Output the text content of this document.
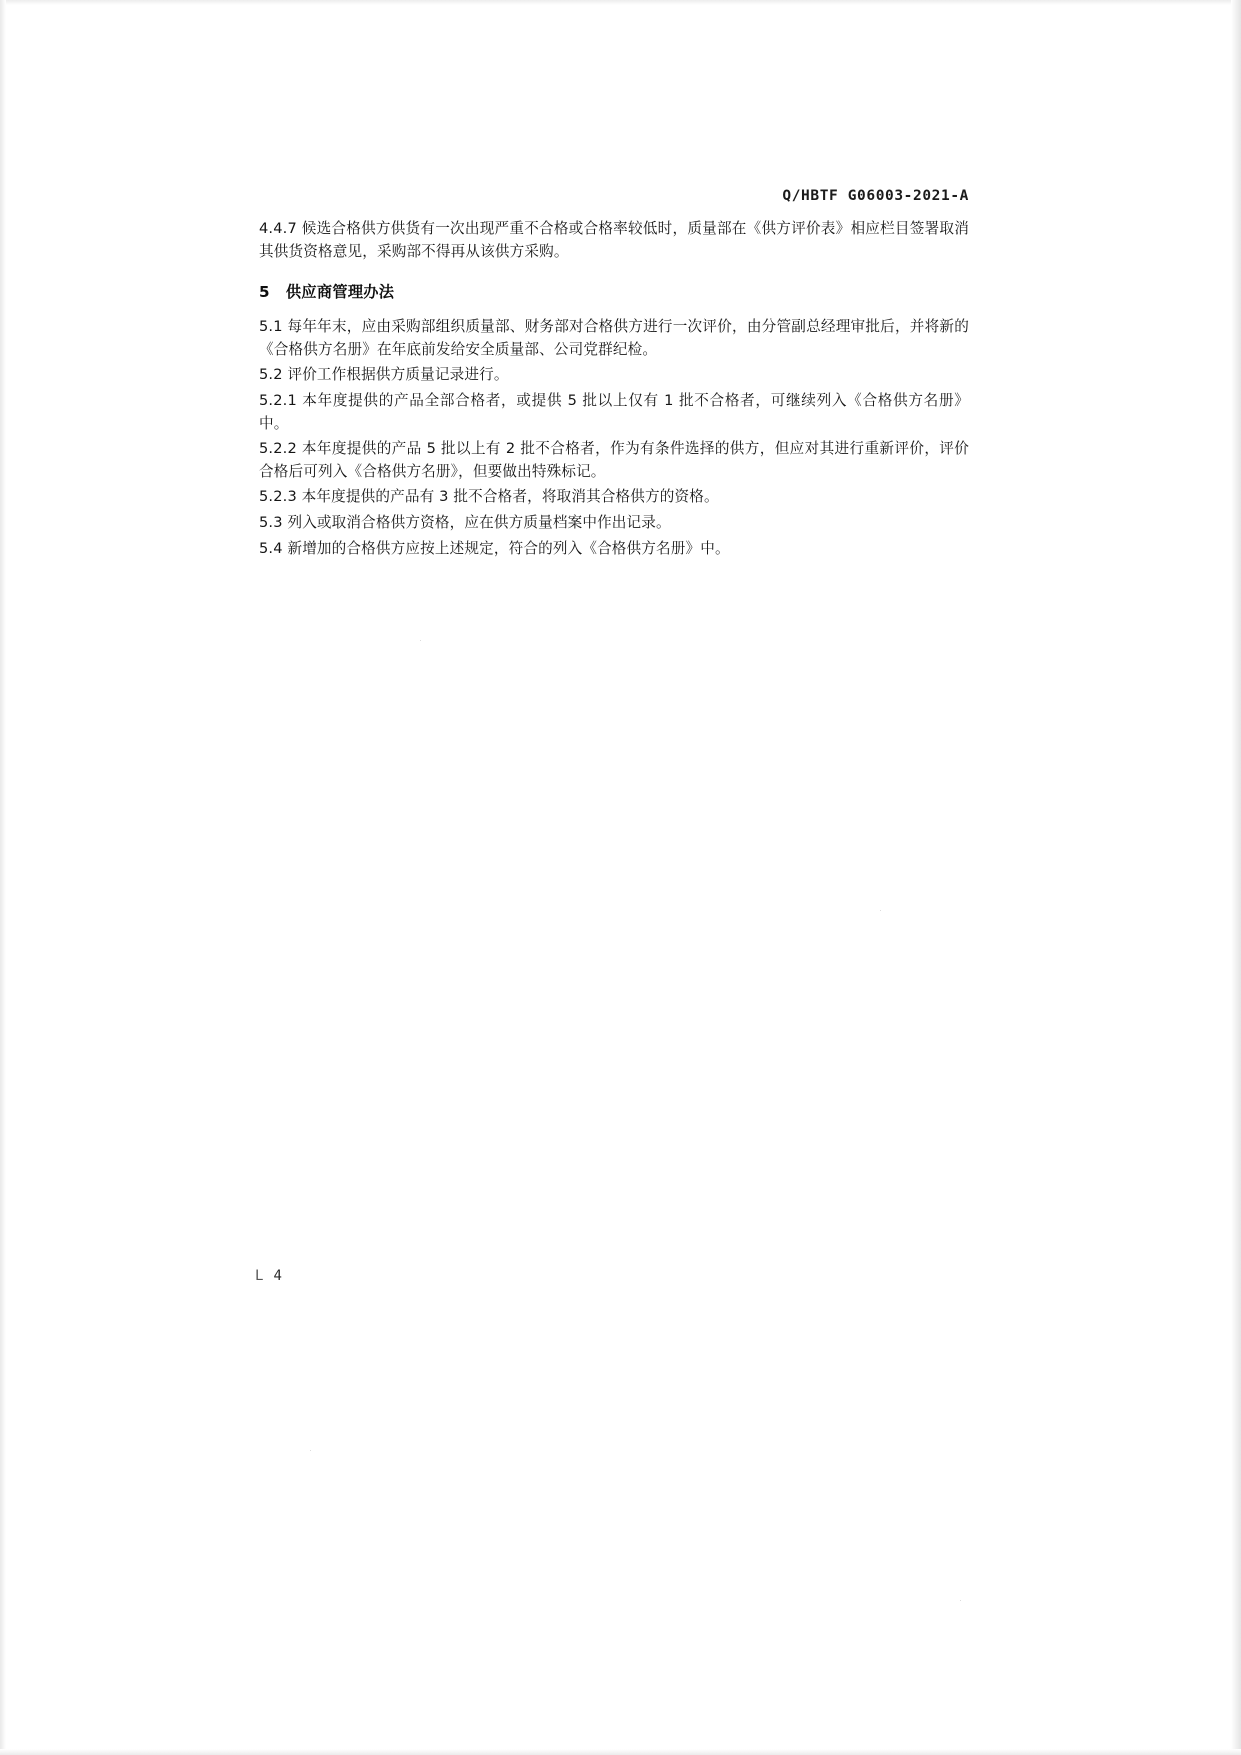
Q/HBTF G06003-2021-A

4.4.7 候选合格供方供货有一次出现严重不合格或合格率较低时，质量部在《供方评价表》相应栏目签署取消其供货资格意见，采购部不得再从该供方采购。

5 供应商管理办法

5.1 每年年末，应由采购部组织质量部、财务部对合格供方进行一次评价，由分管副总经理审批后，并将新的《合格供方名册》在年底前发给安全质量部、公司党群纪检。

5.2 评价工作根据供方质量记录进行。

5.2.1 本年度提供的产品全部合格者，或提供 5 批以上仅有 1 批不合格者，可继续列入《合格供方名册》中。

5.2.2 本年度提供的产品 5 批以上有 2 批不合格者，作为有条件选择的供方，但应对其进行重新评价，评价合格后可列入《合格供方名册》，但要做出特殊标记。

5.2.3 本年度提供的产品有 3 批不合格者，将取消其合格供方的资格。

5.3 列入或取消合格供方资格，应在供方质量档案中作出记录。

5.4 新增加的合格供方应按上述规定，符合的列入《合格供方名册》中。

L 4
